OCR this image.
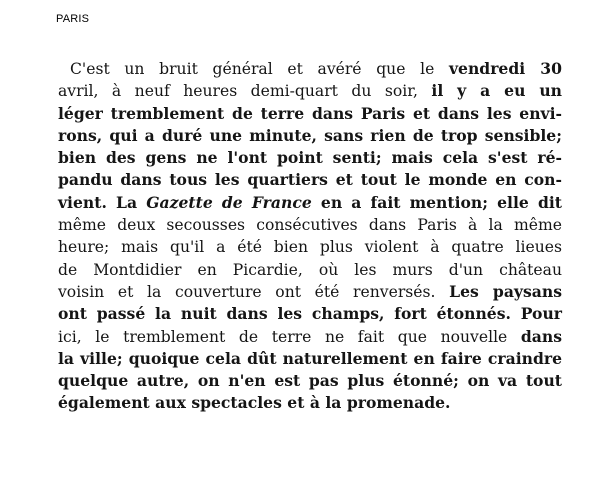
PARIS
C'est un bruit général et avéré que le vendredi 30
avril, à neuf heures demi-quart du soir, il y a eu un
léger tremblement de terre dans Paris et dans les envi-
rons, qui a duré une minute, sans rien de trop sensible;
bien des gens ne l'ont point senti; mais cela s'est ré-
pandu dans tous les quartiers et tout le monde en con-
vient. La Gazette de France en a fait mention; elle dit
même deux secousses consécutives dans Paris à la même
heure; mais qu'il a été bien plus violent à quatre lieues
de Montdidier en Picardie, où les murs d'un château
voisin et la couverture ont été renversés. Les paysans
ont passé la nuit dans les champs, fort étonnés. Pour
ici, le tremblement de terre ne fait que nouvelle dans
la ville; quoique cela dût naturellement en faire craindre
quelque autre, on n'en est pas plus étonné; on va tout
également aux spectacles et à la promenade.
